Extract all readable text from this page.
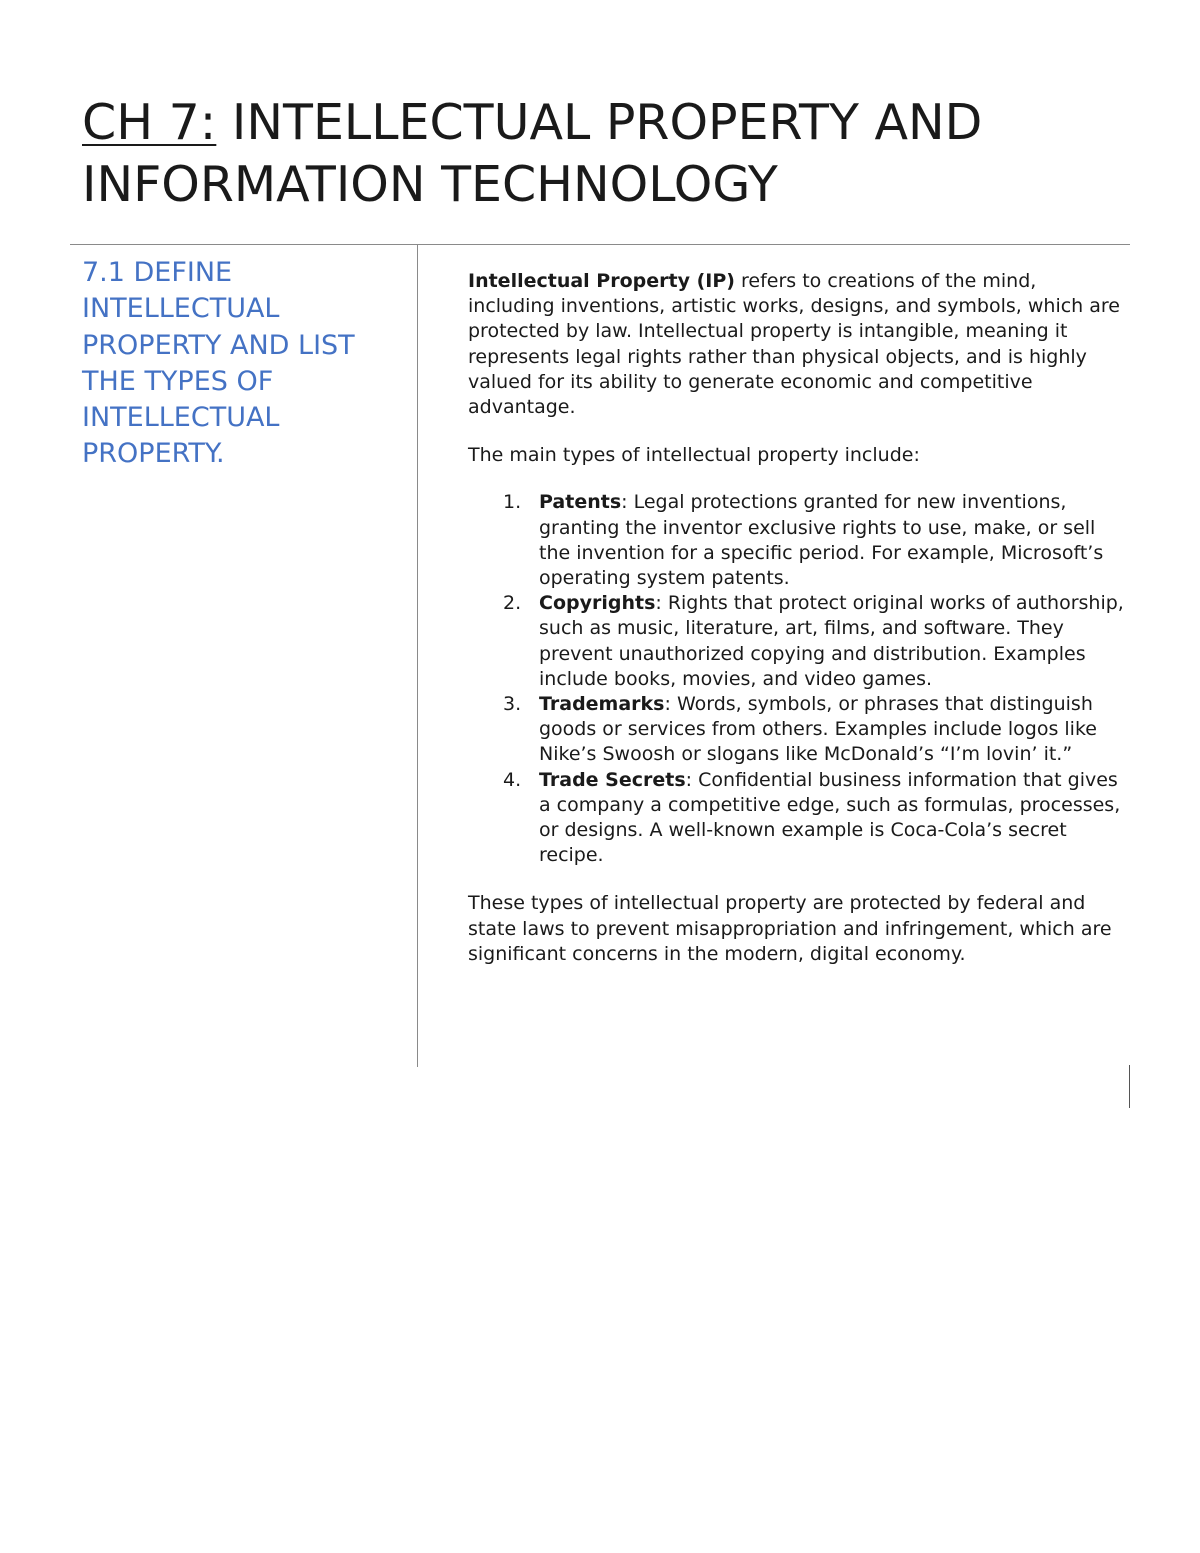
CH 7: INTELLECTUAL PROPERTY AND INFORMATION TECHNOLOGY
7.1 DEFINE INTELLECTUAL PROPERTY AND LIST THE TYPES OF INTELLECTUAL PROPERTY.

Intellectual Property (IP) refers to creations of the mind, including inventions, artistic works, designs, and symbols, which are protected by law. Intellectual property is intangible, meaning it represents legal rights rather than physical objects, and is highly valued for its ability to generate economic and competitive advantage.

The main types of intellectual property include:

1. Patents: Legal protections granted for new inventions, granting the inventor exclusive rights to use, make, or sell the invention for a specific period. For example, Microsoft’s operating system patents.
2. Copyrights: Rights that protect original works of authorship, such as music, literature, art, films, and software. They prevent unauthorized copying and distribution. Examples include books, movies, and video games.
3. Trademarks: Words, symbols, or phrases that distinguish goods or services from others. Examples include logos like Nike’s Swoosh or slogans like McDonald’s “I’m lovin’ it.”
4. Trade Secrets: Confidential business information that gives a company a competitive edge, such as formulas, processes, or designs. A well-known example is Coca-Cola’s secret recipe.

These types of intellectual property are protected by federal and state laws to prevent misappropriation and infringement, which are significant concerns in the modern, digital economy.
